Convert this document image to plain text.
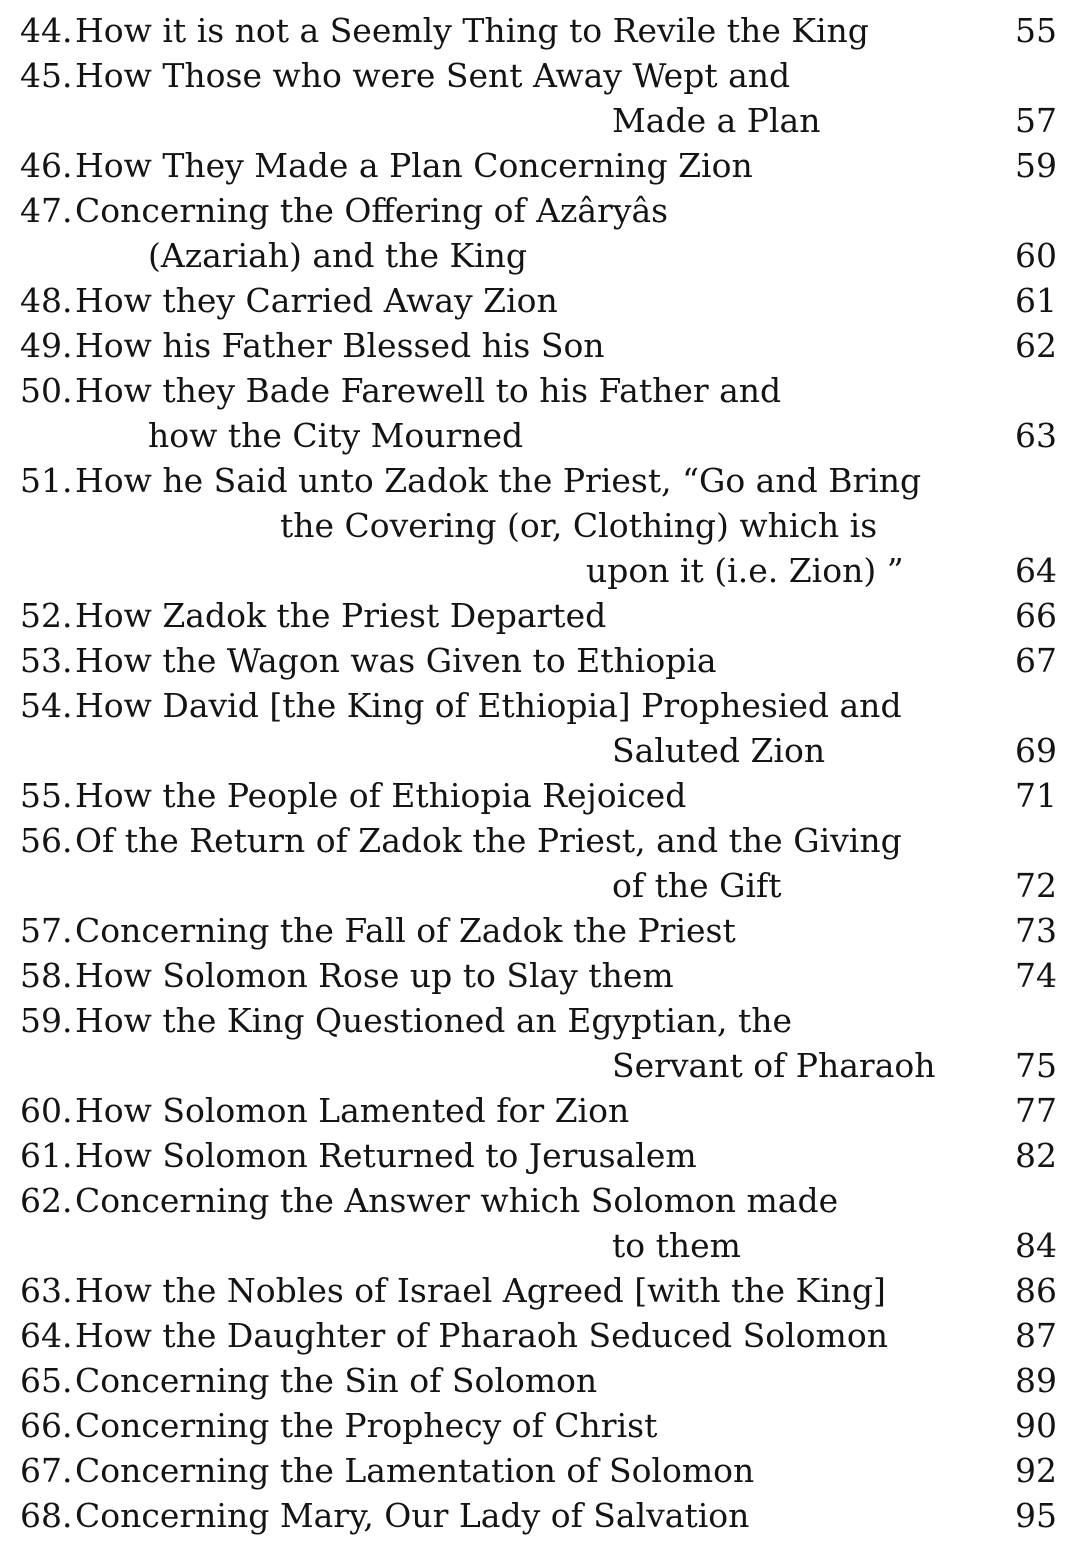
44. How it is not a Seemly Thing to Revile the King	55
45. How Those who were Sent Away Wept and
Made a Plan	57
46. How They Made a Plan Concerning Zion	59
47. Concerning the Offering of Azâryâs
(Azariah) and the King	60
48. How they Carried Away Zion	61
49. How his Father Blessed his Son	62
50. How they Bade Farewell to his Father and
how the City Mourned	63
51. How he Said unto Zadok the Priest, “Go and Bring
the Covering (or, Clothing) which is
upon it (i.e. Zion) ”	64
52. How Zadok the Priest Departed	66
53. How the Wagon was Given to Ethiopia	67
54. How David [the King of Ethiopia] Prophesied and
Saluted Zion	69
55. How the People of Ethiopia Rejoiced	71
56. Of the Return of Zadok the Priest, and the Giving
of the Gift	72
57. Concerning the Fall of Zadok the Priest	73
58. How Solomon Rose up to Slay them	74
59. How the King Questioned an Egyptian, the
Servant of Pharaoh 75
60. How Solomon Lamented for Zion	77
61. How Solomon Returned to Jerusalem	82
62. Concerning the Answer which Solomon made
to them	84
63. How the Nobles of Israel Agreed [with the King]	86
64. How the Daughter of Pharaoh Seduced Solomon	87
65. Concerning the Sin of Solomon	89
66. Concerning the Prophecy of Christ	90
67. Concerning the Lamentation of Solomon	92
68. Concerning Mary, Our Lady of Salvation	95
